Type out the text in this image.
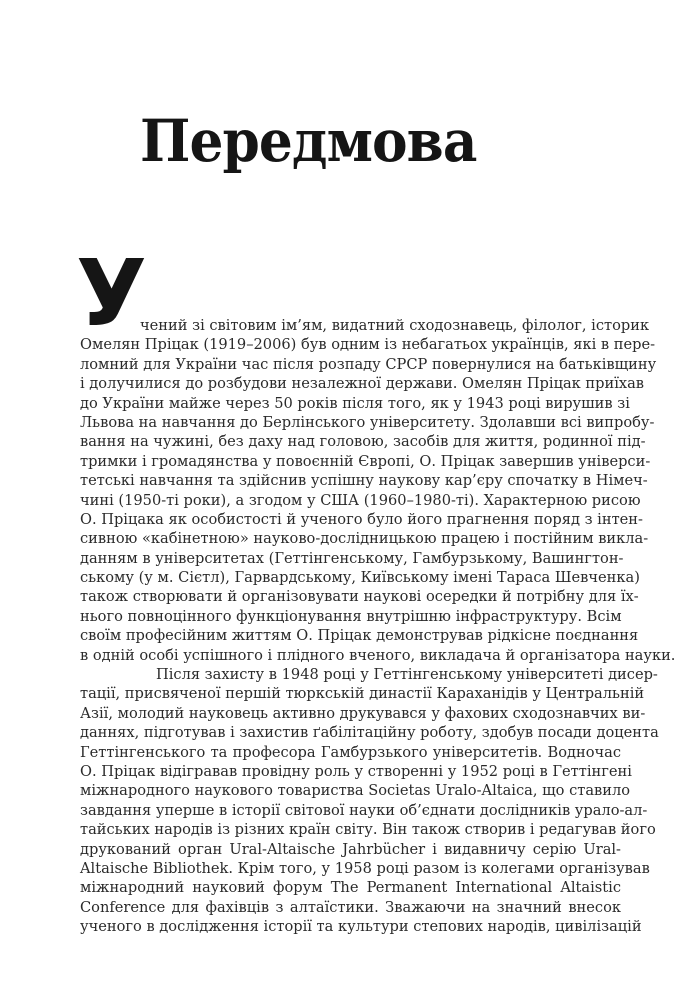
Передмова
У
чений зі світовим ім’ям, видатний сходознавець, філолог, історик
Омелян Пріцак (1919–2006) був одним із небагатьох українців, які в пере-
ломний для України час після розпаду СРСР повернулися на батьківщину
і долучилися до розбудови незалежної держави. Омелян Пріцак приїхав
до України майже через 50 років після того, як у 1943 році вирушив зі
Львова на навчання до Берлінського університету. Здолавши всі випробу-
вання на чужині, без даху над головою, засобів для життя, родинної під-
тримки і громадянства у повоєнній Європі, О. Пріцак завершив універси-
тетські навчання та здійснив успішну наукову кар’єру спочатку в Німеч-
чині (1950-ті роки), а згодом у США (1960–1980-ті). Характерною рисою
О. Пріцака як особистості й ученого було його прагнення поряд з інтен-
сивною «кабінетною» науково-дослідницькою працею і постійним викла-
данням в університетах (Геттінгенському, Гамбурзькому, Вашингтон-
ському (у м. Сієтл), Гарвардському, Київському імені Тараса Шевченка)
також створювати й організовувати наукові осередки й потрібну для їх-
нього повноцінного функціонування внутрішню інфраструктуру. Всім
своїм професійним життям О. Пріцак демонстрував рідкісне поєднання
в одній особі успішного і плідного вченого, викладача й організатора науки.
Після захисту в 1948 році у Геттінгенському університеті дисер-
тації, присвяченої першій тюркській династії Караханідів у Центральній
Азії, молодий науковець активно друкувався у фахових сходознавчих ви-
даннях, підготував і захистив ґабілітаційну роботу, здобув посади доцента
Геттінгенського та професора Гамбурзького університетів. Водночас
О. Пріцак відігравав провідну роль у створенні у 1952 році в Геттінгені
міжнародного наукового товариства Societas Uralo-Altaica, що ставило
завдання уперше в історії світової науки об’єднати дослідників урало-ал-
тайських народів із різних країн світу. Він також створив і редагував його
друкований орган Ural-Altaische Jahrbücher і видавничу серію Ural-
Altaische Bibliothek. Крім того, у 1958 році разом із колегами організував
міжнародний науковий форум The Permanent International Altaistic
Conference для фахівців з алтаїстики. Зважаючи на значний внесок
ученого в дослідження історії та культури степових народів, цивілізацій
